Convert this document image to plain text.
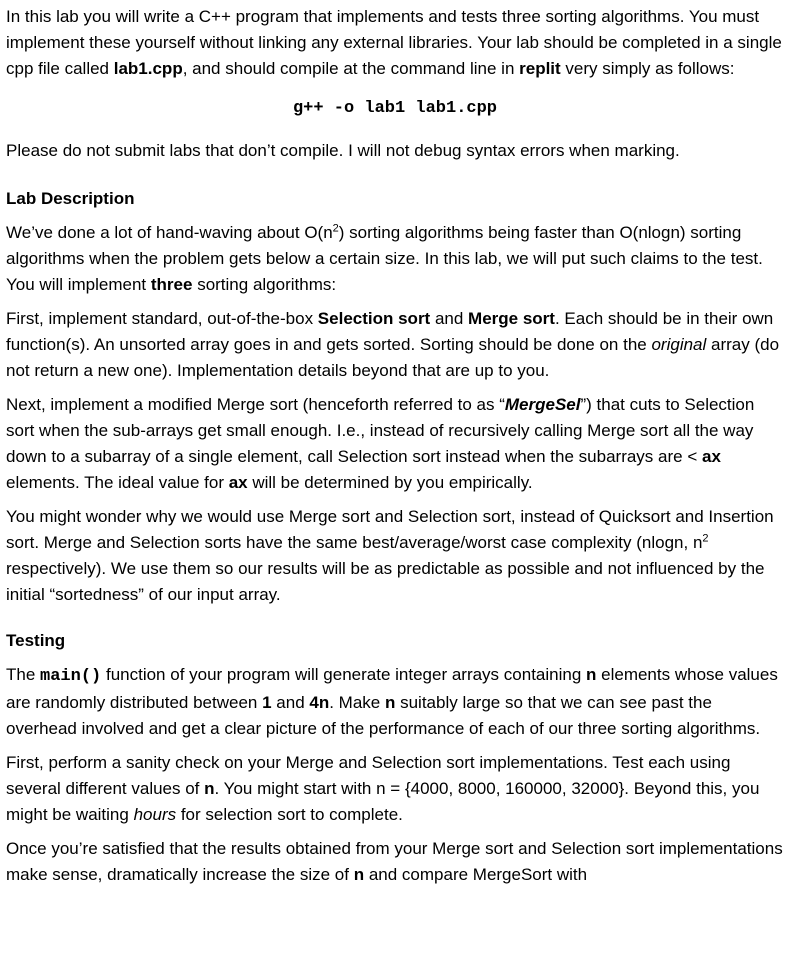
In this lab you will write a C++ program that implements and tests three sorting algorithms. You must implement these yourself without linking any external libraries. Your lab should be completed in a single cpp file called lab1.cpp, and should compile at the command line in replit very simply as follows:

g++ -o lab1 lab1.cpp

Please do not submit labs that don’t compile. I will not debug syntax errors when marking.

Lab Description

We’ve done a lot of hand-waving about $O(n^2)$ sorting algorithms being faster than O(nlogn) sorting algorithms when the problem gets below a certain size. In this lab, we will put such claims to the test. You will implement three sorting algorithms:

First, implement standard, out-of-the-box Selection sort and Merge sort. Each should be in their own function(s). An unsorted array goes in and gets sorted. Sorting should be done on the original array (do not return a new one). Implementation details beyond that are up to you.

Next, implement a modified Merge sort (henceforth referred to as “MergeSel”) that cuts to Selection sort when the sub-arrays get small enough. I.e., instead of recursively calling Merge sort all the way down to a subarray of a single element, call Selection sort instead when the subarrays are < ax elements. The ideal value for ax will be determined by you empirically.

You might wonder why we would use Merge sort and Selection sort, instead of Quicksort and Insertion sort. Merge and Selection sorts have the same best/average/worst case complexity (nlogn, $n^2$ respectively). We use them so our results will be as predictable as possible and not influenced by the initial “sortedness” of our input array.

Testing

The main() function of your program will generate integer arrays containing n elements whose values are randomly distributed between 1 and 4n. Make n suitably large so that we can see past the overhead involved and get a clear picture of the performance of each of our three sorting algorithms.

First, perform a sanity check on your Merge and Selection sort implementations. Test each using several different values of n. You might start with n = {4000, 8000, 160000, 32000}. Beyond this, you might be waiting hours for selection sort to complete.

Once you’re satisfied that the results obtained from your Merge sort and Selection sort implementations make sense, dramatically increase the size of n and compare MergeSort with
